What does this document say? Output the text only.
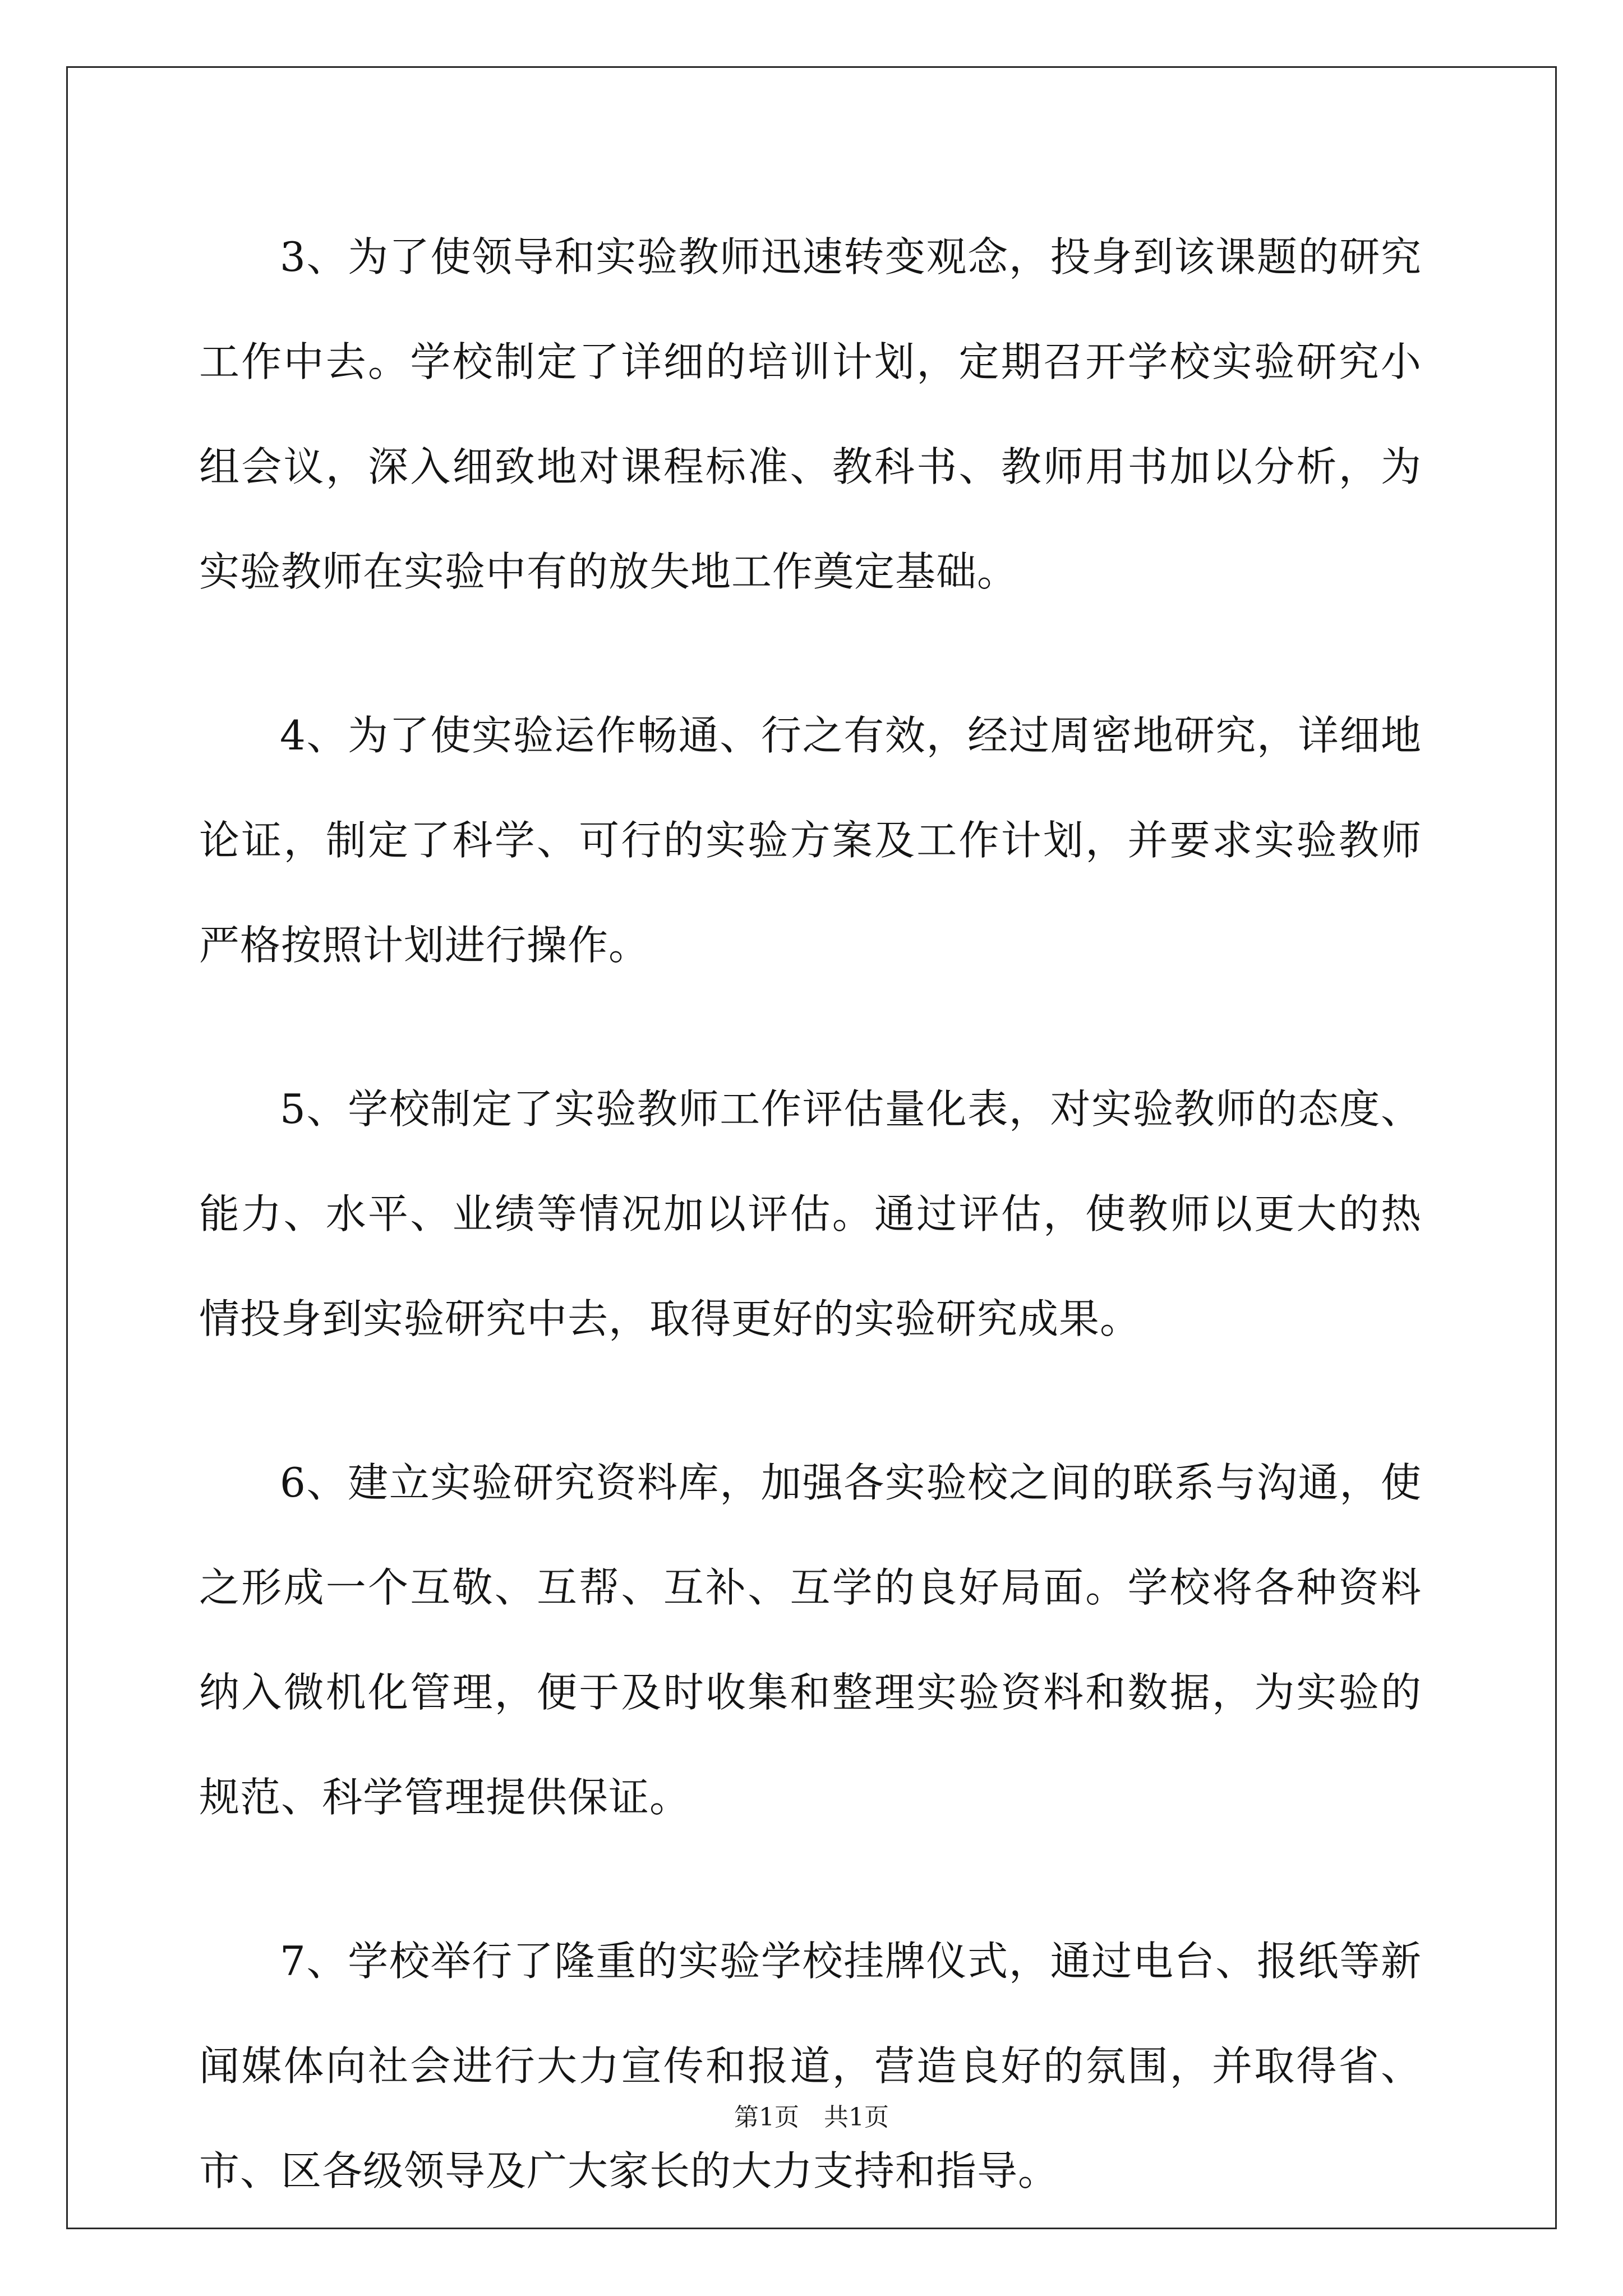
3、为了使领导和实验教师迅速转变观念，投身到该课题的研究工作中去。学校制定了详细的培训计划，定期召开学校实验研究小组会议，深入细致地对课程标准、教科书、教师用书加以分析，为实验教师在实验中有的放失地工作奠定基础。

4、为了使实验运作畅通、行之有效，经过周密地研究，详细地论证，制定了科学、可行的实验方案及工作计划，并要求实验教师严格按照计划进行操作。

5、学校制定了实验教师工作评估量化表，对实验教师的态度、能力、水平、业绩等情况加以评估。通过评估，使教师以更大的热情投身到实验研究中去，取得更好的实验研究成果。

6、建立实验研究资料库，加强各实验校之间的联系与沟通，使之形成一个互敬、互帮、互补、互学的良好局面。学校将各种资料纳入微机化管理，便于及时收集和整理实验资料和数据，为实验的规范、科学管理提供保证。

7、学校举行了隆重的实验学校挂牌仪式，通过电台、报纸等新闻媒体向社会进行大力宣传和报道，营造良好的氛围，并取得省、市、区各级领导及广大家长的大力支持和指导。

第1页　共1页
